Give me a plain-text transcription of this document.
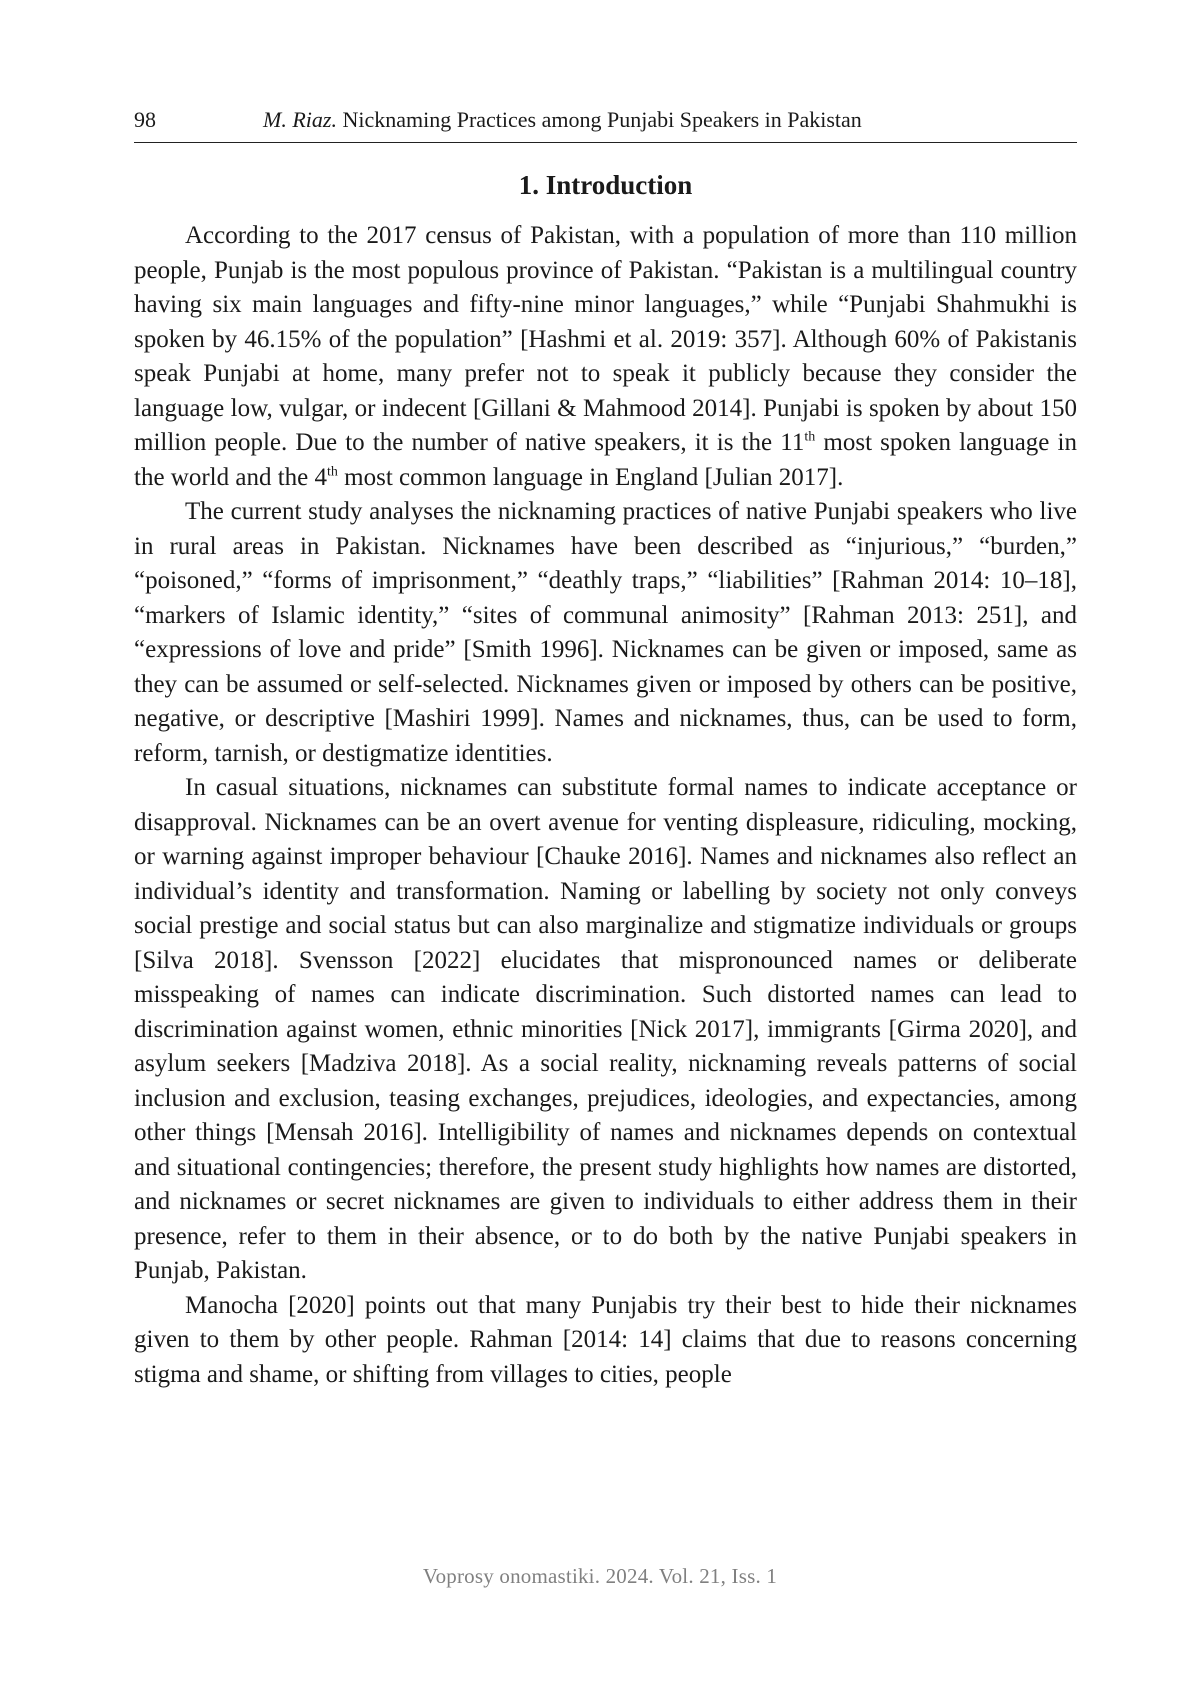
98	M. Riaz. Nicknaming Practices among Punjabi Speakers in Pakistan
1. Introduction

According to the 2017 census of Pakistan, with a population of more than 110 million people, Punjab is the most populous province of Pakistan. “Pakistan is a multilingual country having six main languages and fifty-nine minor languages,” while “Punjabi Shahmukhi is spoken by 46.15% of the population” [Hashmi et al. 2019: 357]. Although 60% of Pakistanis speak Punjabi at home, many prefer not to speak it publicly because they consider the language low, vulgar, or indecent [Gillani & Mahmood 2014]. Punjabi is spoken by about 150 million people. Due to the number of native speakers, it is the 11th most spoken language in the world and the 4th most common language in England [Julian 2017].

The current study analyses the nicknaming practices of native Punjabi speakers who live in rural areas in Pakistan. Nicknames have been described as “injurious,” “burden,” “poisoned,” “forms of imprisonment,” “deathly traps,” “liabilities” [Rahman 2014: 10–18], “markers of Islamic identity,” “sites of communal animosity” [Rahman 2013: 251], and “expressions of love and pride” [Smith 1996]. Nicknames can be given or imposed, same as they can be assumed or self-selected. Nicknames given or imposed by others can be positive, negative, or descriptive [Mashiri 1999]. Names and nicknames, thus, can be used to form, reform, tarnish, or destigmatize identities.

In casual situations, nicknames can substitute formal names to indicate acceptance or disapproval. Nicknames can be an overt avenue for venting displeasure, ridiculing, mocking, or warning against improper behaviour [Chauke 2016]. Names and nicknames also reflect an individual’s identity and transformation. Naming or labelling by society not only conveys social prestige and social status but can also marginalize and stigmatize individuals or groups [Silva 2018]. Svensson [2022] elucidates that mispronounced names or deliberate misspeaking of names can indicate discrimination. Such distorted names can lead to discrimination against women, ethnic minorities [Nick 2017], immigrants [Girma 2020], and asylum seekers [Madziva 2018]. As a social reality, nicknaming reveals patterns of social inclusion and exclusion, teasing exchanges, prejudices, ideologies, and expectancies, among other things [Mensah 2016]. Intelligibility of names and nicknames depends on contextual and situational contingencies; therefore, the present study highlights how names are distorted, and nicknames or secret nicknames are given to individuals to either address them in their presence, refer to them in their absence, or to do both by the native Punjabi speakers in Punjab, Pakistan.

Manocha [2020] points out that many Punjabis try their best to hide their nicknames given to them by other people. Rahman [2014: 14] claims that due to reasons concerning stigma and shame, or shifting from villages to cities, people

Voprosy onomastiki. 2024. Vol. 21, Iss. 1
